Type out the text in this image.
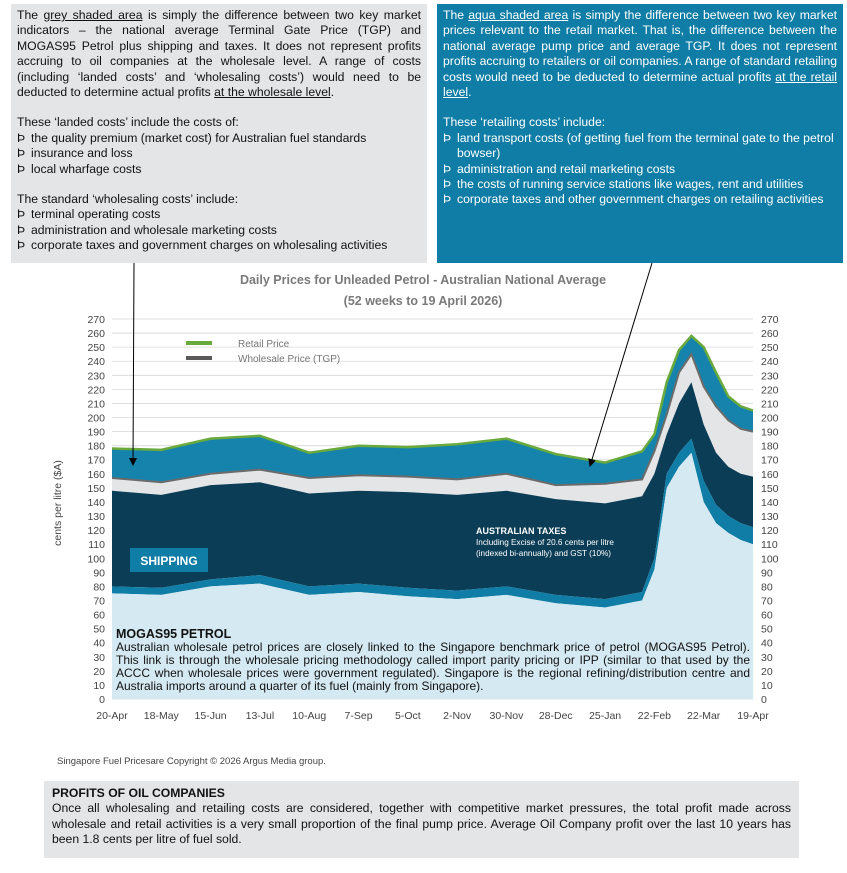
The grey shaded area is simply the difference between two key market indicators – the national average Terminal Gate Price (TGP) and MOGAS95 Petrol plus shipping and taxes. It does not represent profits accruing to oil companies at the wholesale level. A range of costs (including ‘landed costs’ and ‘wholesaling costs’) would need to be deducted to determine actual profits at the wholesale level.

These ‘landed costs’ include the costs of:

Þ the quality premium (market cost) for Australian fuel standards
Þ insurance and loss
Þ local wharfage costs

The standard ‘wholesaling costs’ include:

Þ terminal operating costs
Þ administration and wholesale marketing costs
Þ corporate taxes and government charges on wholesaling activities

The aqua shaded area is simply the difference between two key market prices relevant to the retail market. That is, the difference between the national average pump price and average TGP. It does not represent profits accruing to retailers or oil companies. A range of standard retailing costs would need to be deducted to determine actual profits at the retail level.

These ‘retailing costs’ include:

Þ land transport costs (of getting fuel from the terminal gate to the petrol bowser)
Þ administration and retail marketing costs
Þ the costs of running service stations like wages, rent and utilities
Þ corporate taxes and other government charges on retailing activities
Daily Prices for Unleaded Petrol - Australian National Average
(52 weeks to 19 April 2026)
0	0
10	10
20	20
30	30
40	40
50	50
60	60
70	70
80	80
90	90
100	100
110	110
120	120
130	130
140	140
150	150
160	160
170	170
180	180
190	190
200	200
210	210
220	220
230	230
240	240
250	250
260	260
270	270
20-Apr 18-May 15-Jun 13-Jul 10-Aug 7-Sep 5-Oct 2-Nov 30-Nov 28-Dec 25-Jan 22-Feb 22-Mar 19-Apr
cents per litre ($A)
Retail Price
Wholesale Price (TGP)
AUSTRALIAN TAXES
Including Excise of 20.6 cents per litre
(indexed bi-annually) and GST (10%)
SHIPPING
MOGAS95 PETROL
Australian wholesale petrol prices are closely linked to the Singapore benchmark price of petrol (MOGAS95 Petrol). This link is through the wholesale pricing methodology called import parity pricing or IPP (similar to that used by the ACCC when wholesale prices were government regulated). Singapore is the regional refining/distribution centre and Australia imports around a quarter of its fuel (mainly from Singapore).
Singapore Fuel Pricesare Copyright © 2026 Argus Media group.
PROFITS OF OIL COMPANIES
Once all wholesaling and retailing costs are considered, together with competitive market pressures, the total profit made across wholesale and retail activities is a very small proportion of the final pump price. Average Oil Company profit over the last 10 years has been 1.8 cents per litre of fuel sold.
